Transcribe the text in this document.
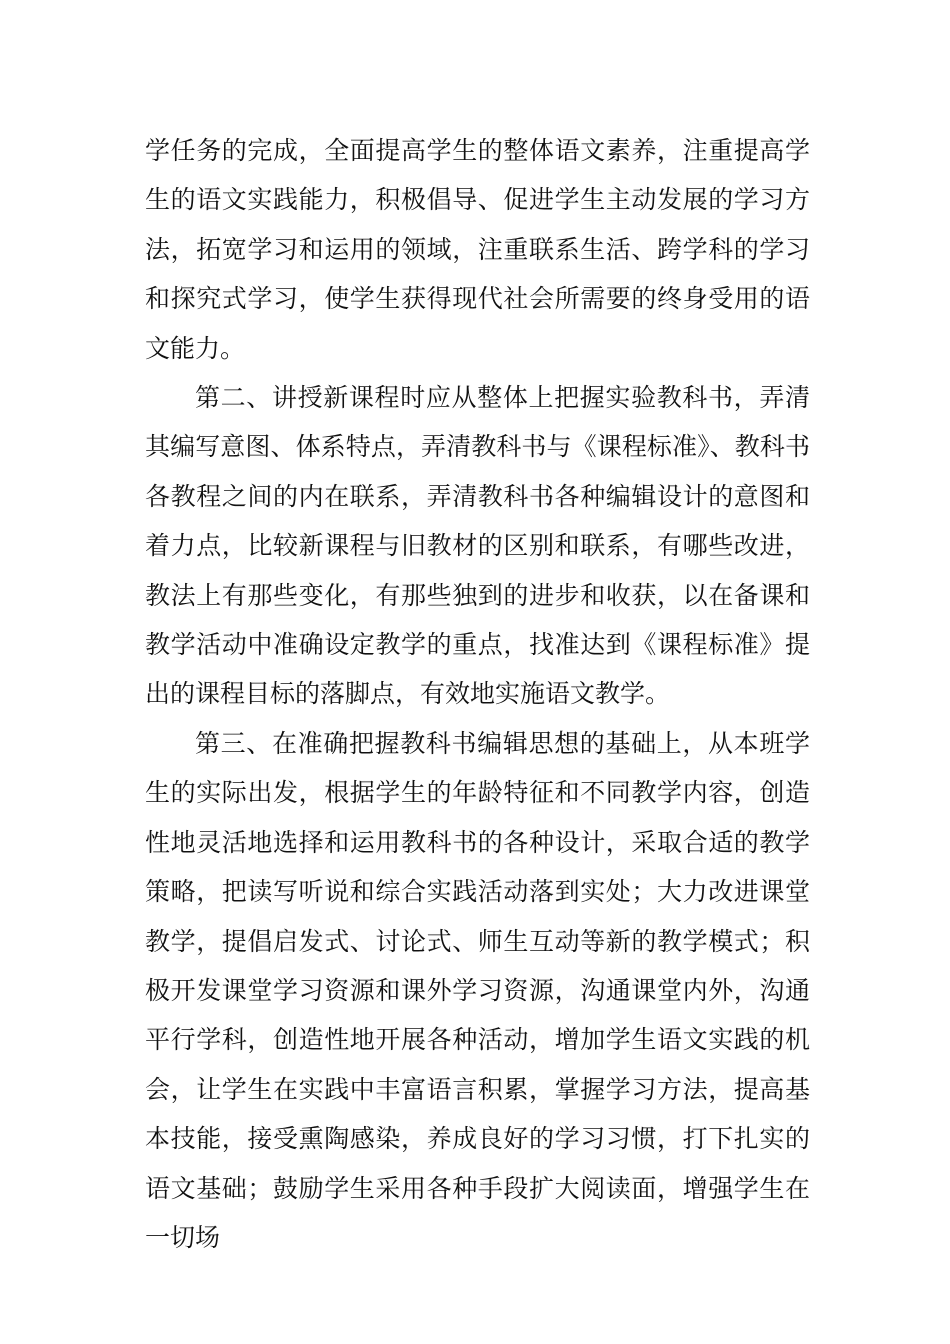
学任务的完成，全面提高学生的整体语文素养，注重提高学生的语文实践能力，积极倡导、促进学生主动发展的学习方法，拓宽学习和运用的领域，注重联系生活、跨学科的学习和探究式学习，使学生获得现代社会所需要的终身受用的语文能力。

第二、讲授新课程时应从整体上把握实验教科书，弄清其编写意图、体系特点，弄清教科书与《课程标准》、教科书各教程之间的内在联系，弄清教科书各种编辑设计的意图和着力点，比较新课程与旧教材的区别和联系，有哪些改进，教法上有那些变化，有那些独到的进步和收获，以在备课和教学活动中准确设定教学的重点，找准达到《课程标准》提出的课程目标的落脚点，有效地实施语文教学。

第三、在准确把握教科书编辑思想的基础上，从本班学生的实际出发，根据学生的年龄特征和不同教学内容，创造性地灵活地选择和运用教科书的各种设计，采取合适的教学策略，把读写听说和综合实践活动落到实处；大力改进课堂教学，提倡启发式、讨论式、师生互动等新的教学模式；积极开发课堂学习资源和课外学习资源，沟通课堂内外，沟通平行学科，创造性地开展各种活动，增加学生语文实践的机会，让学生在实践中丰富语言积累，掌握学习方法，提高基本技能，接受熏陶感染，养成良好的学习习惯，打下扎实的语文基础；鼓励学生采用各种手段扩大阅读面，增强学生在一切场
